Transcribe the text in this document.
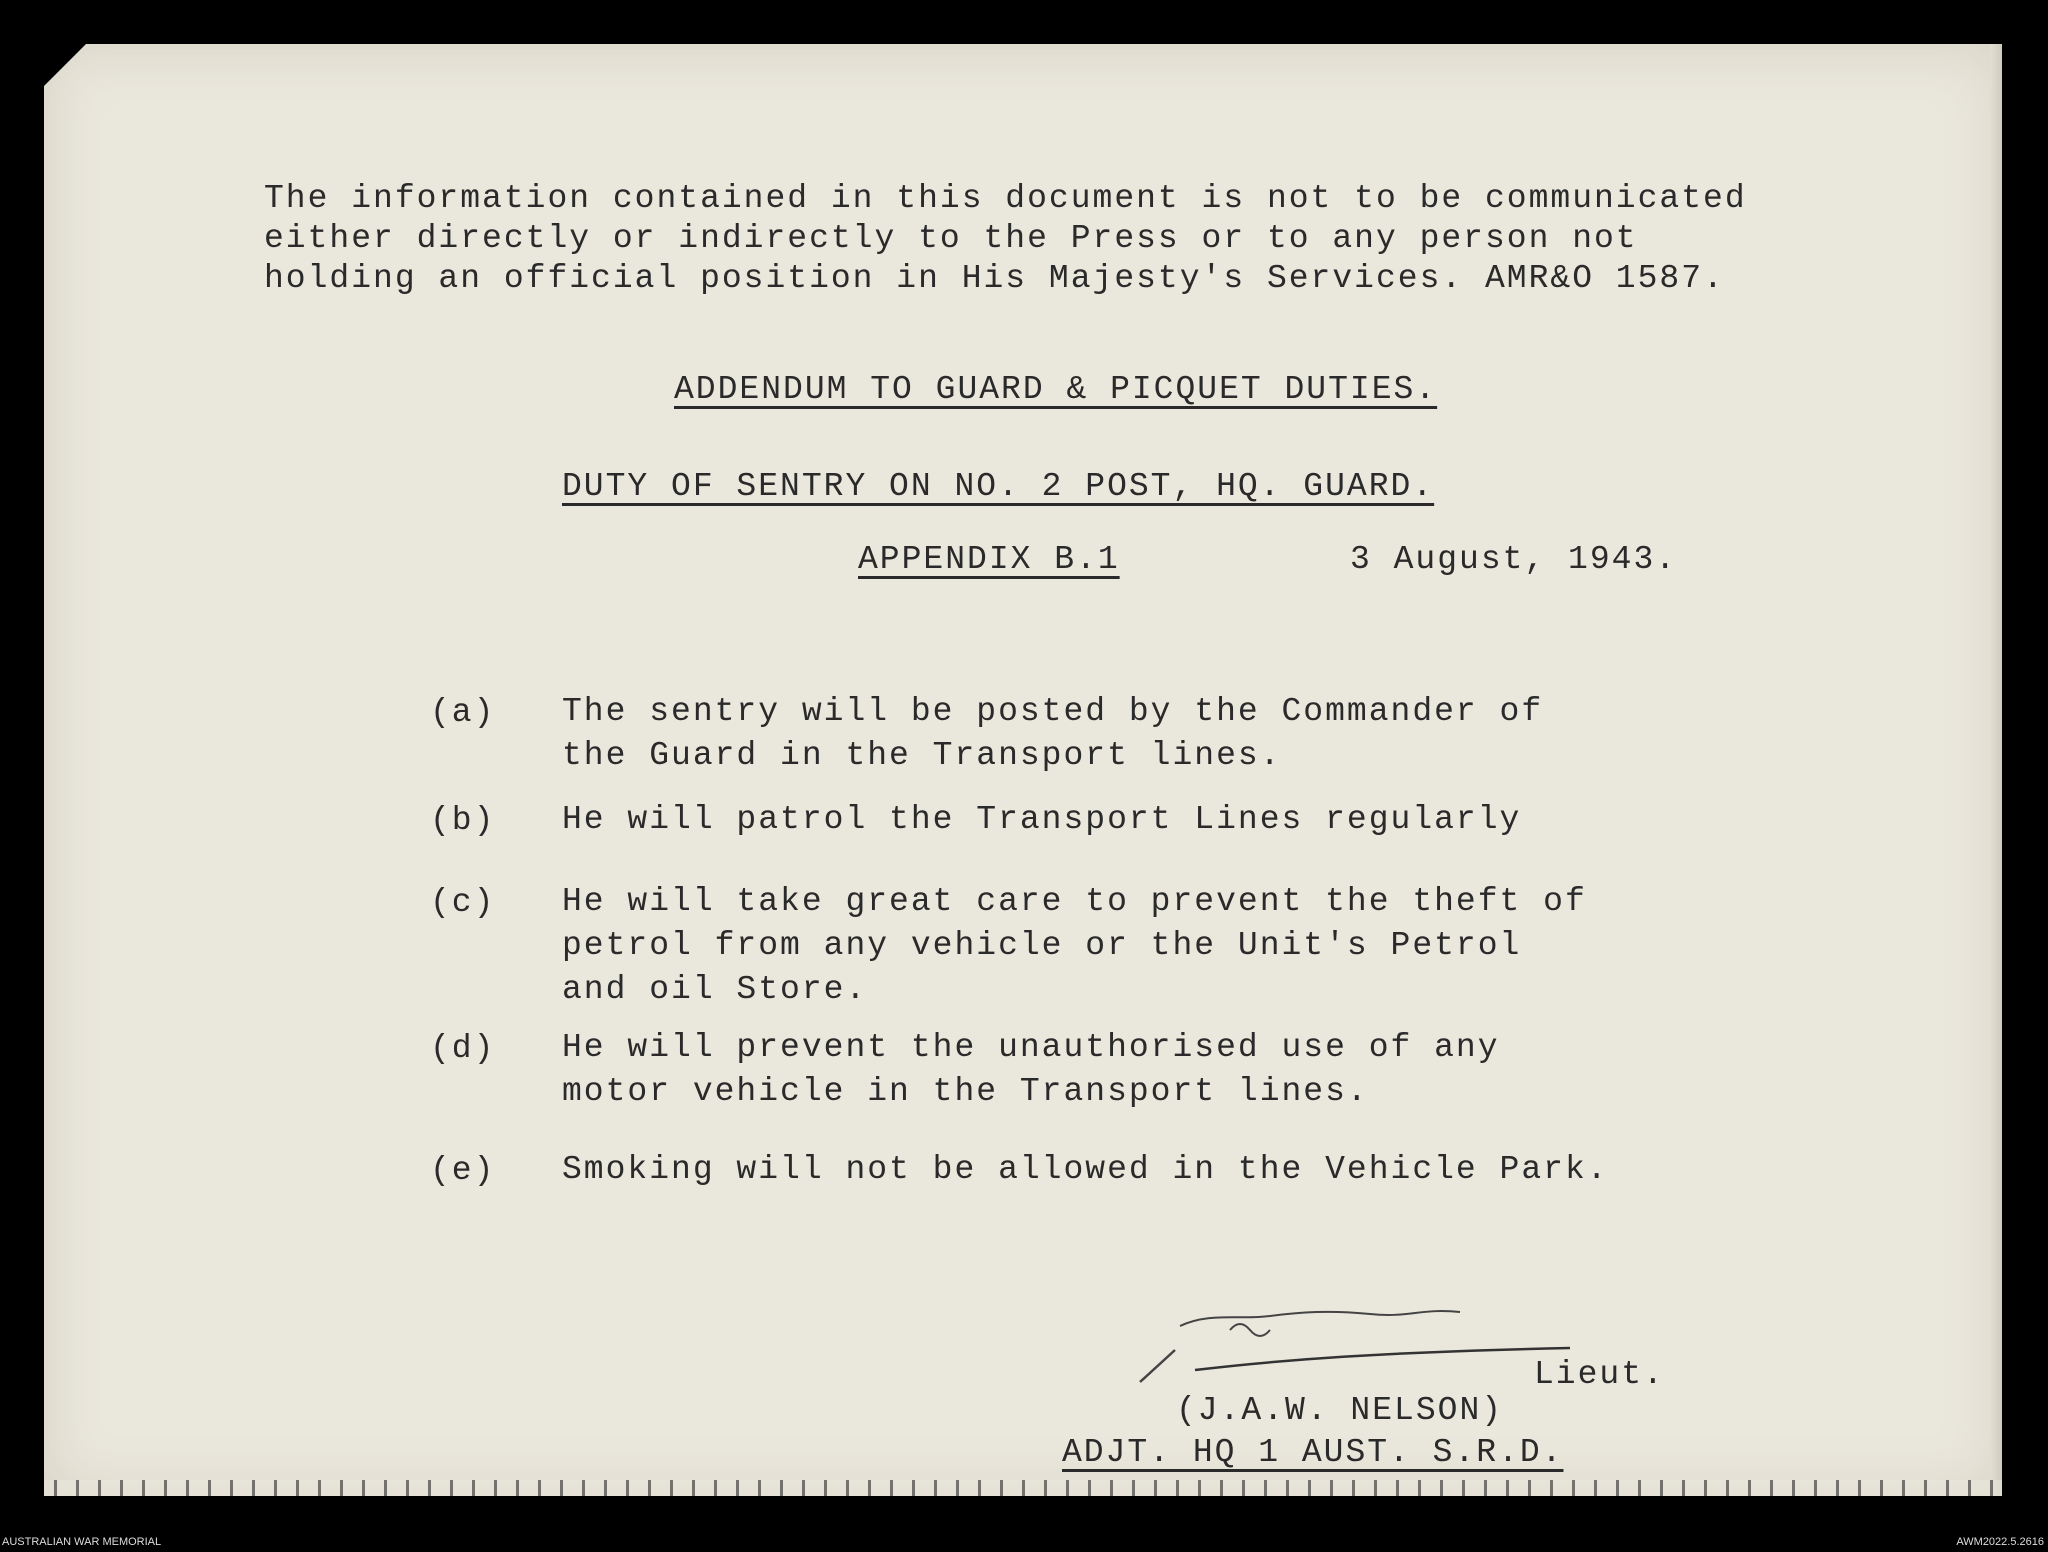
The information contained in this document is not to be communicated
either directly or indirectly to the Press or to any person not
holding an official position in His Majesty's Services. AMR&O 1587.
ADDENDUM TO GUARD & PICQUET DUTIES.
DUTY OF SENTRY ON NO. 2 POST, HQ. GUARD.
APPENDIX B.1	3 August, 1943.
(a) The sentry will be posted by the Commander of
the Guard in the Transport lines.
(b) He will patrol the Transport Lines regularly
(c) He will take great care to prevent the theft of
petrol from any vehicle or the Unit's Petrol
and oil Store.
(d) He will prevent the unauthorised use of any
motor vehicle in the Transport lines.
(e) Smoking will not be allowed in the Vehicle Park.
Lieut.
(J.A.W. NELSON)
ADJT. HQ 1 AUST. S.R.D.
AUSTRALIAN WAR MEMORIAL	AWM2022.5.2616
